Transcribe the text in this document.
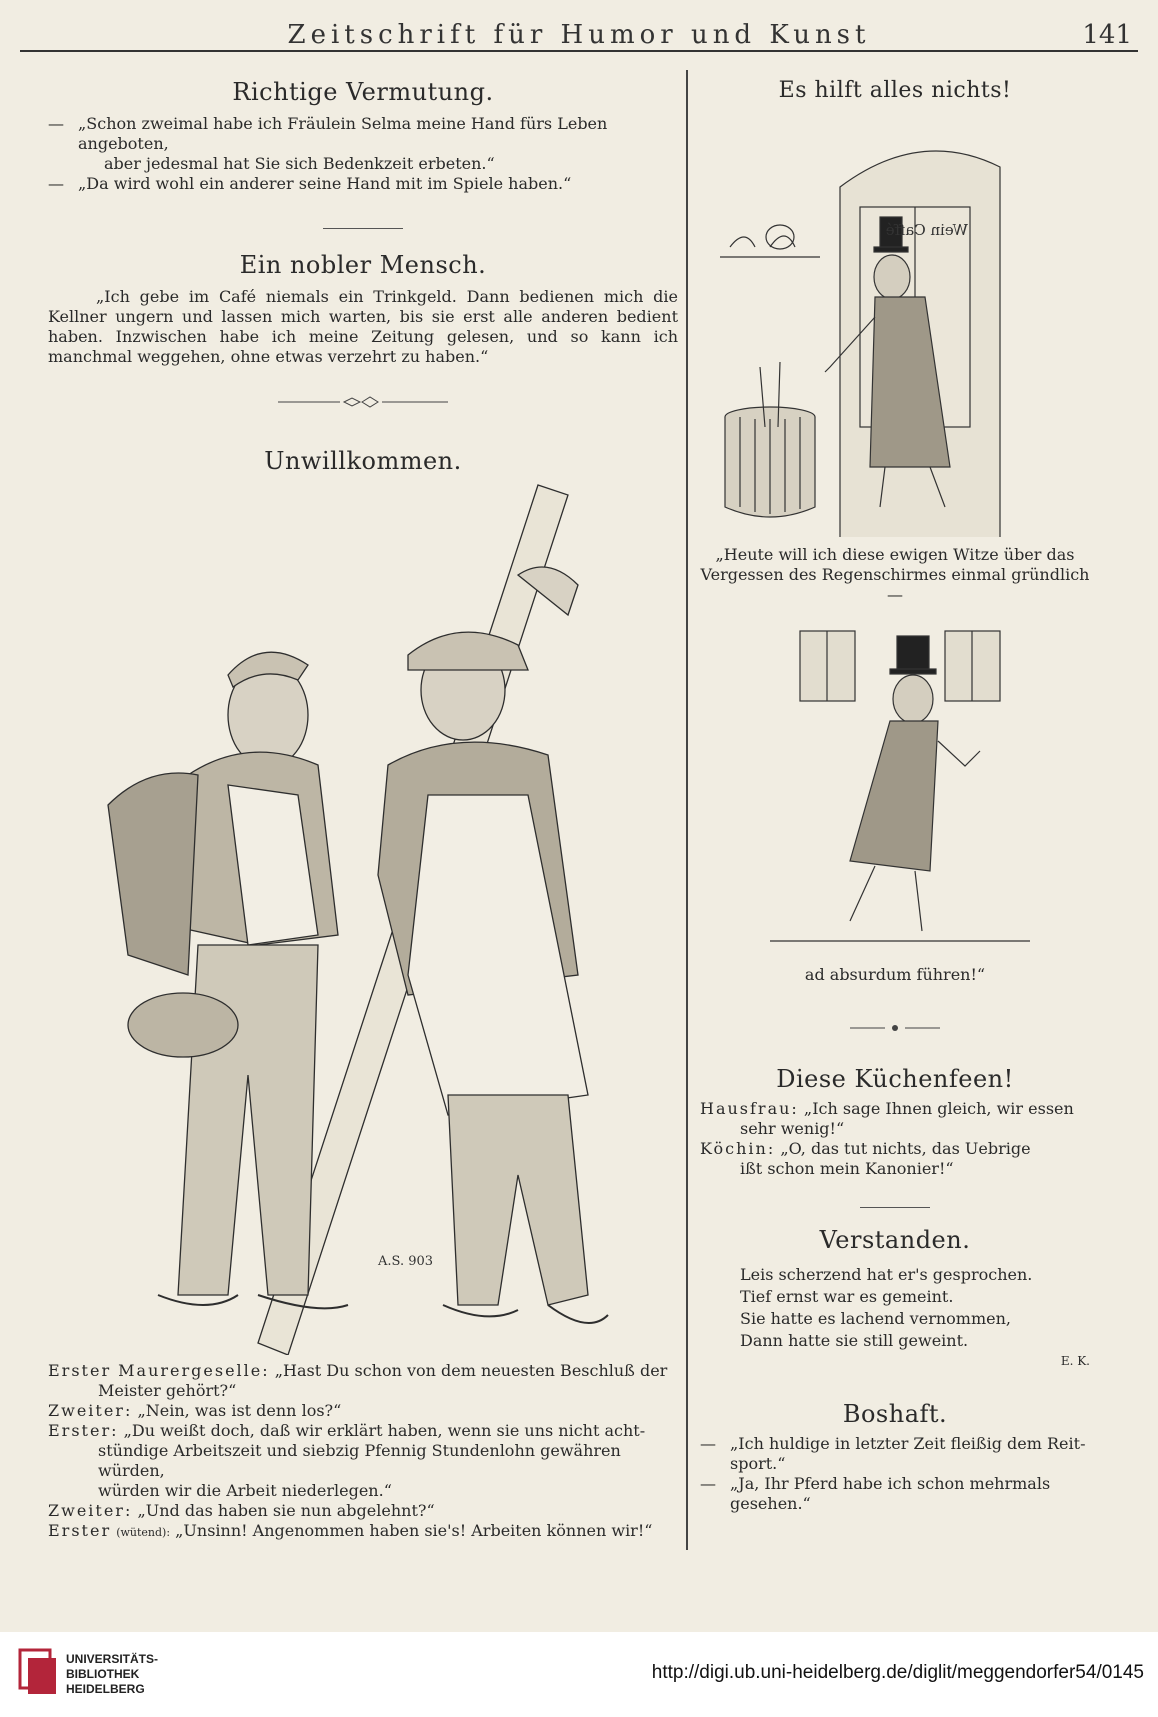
Zeitschrift für Humor und Kunst	141
Richtige Vermutung.
— „Schon zweimal habe ich Fräulein Selma meine Hand fürs Leben angeboten,
aber jedesmal hat Sie sich Bedenkzeit erbeten.“
— „Da wird wohl ein anderer seine Hand mit im Spiele haben.“
Ein nobler Mensch.
„Ich gebe im Café niemals ein Trinkgeld. Dann bedienen mich die Kellner ungern und lassen mich warten, bis sie erst alle anderen bedient haben. Inzwischen habe ich meine Zeitung gelesen, und so kann ich manchmal weggehen, ohne etwas verzehrt zu haben.“
Unwillkommen.
A.S. 903
Erster Maurergeselle: „Hast Du schon von dem neuesten Beschluß der
Meister gehört?“
Zweiter: „Nein, was ist denn los?“
Erster: „Du weißt doch, daß wir erklärt haben, wenn sie uns nicht acht-
stündige Arbeitszeit und siebzig Pfennig Stundenlohn gewähren würden,
würden wir die Arbeit niederlegen.“
Zweiter: „Und das haben sie nun abgelehnt?“
Erster (wütend): „Unsinn! Angenommen haben sie's! Arbeiten können wir!“
Es hilft alles nichts!
Wein Caffé
„Heute will ich diese ewigen Witze über das
Vergessen des Regenschirmes einmal gründlich —
ad absurdum führen!“
Diese Küchenfeen!
Hausfrau: „Ich sage Ihnen gleich, wir essen
sehr wenig!“
Köchin: „O, das tut nichts, das Uebrige
ißt schon mein Kanonier!“
Verstanden.
Leis scherzend hat er's gesprochen.
Tief ernst war es gemeint.
Sie hatte es lachend vernommen,
Dann hatte sie still geweint.
E. K.
Boshaft.
— „Ich huldige in letzter Zeit fleißig dem Reit-
sport.“
— „Ja, Ihr Pferd habe ich schon mehrmals
gesehen.“
UNIVERSITÄTS-
BIBLIOTHEK
HEIDELBERG
http://digi.ub.uni-heidelberg.de/diglit/meggendorfer54/0145
